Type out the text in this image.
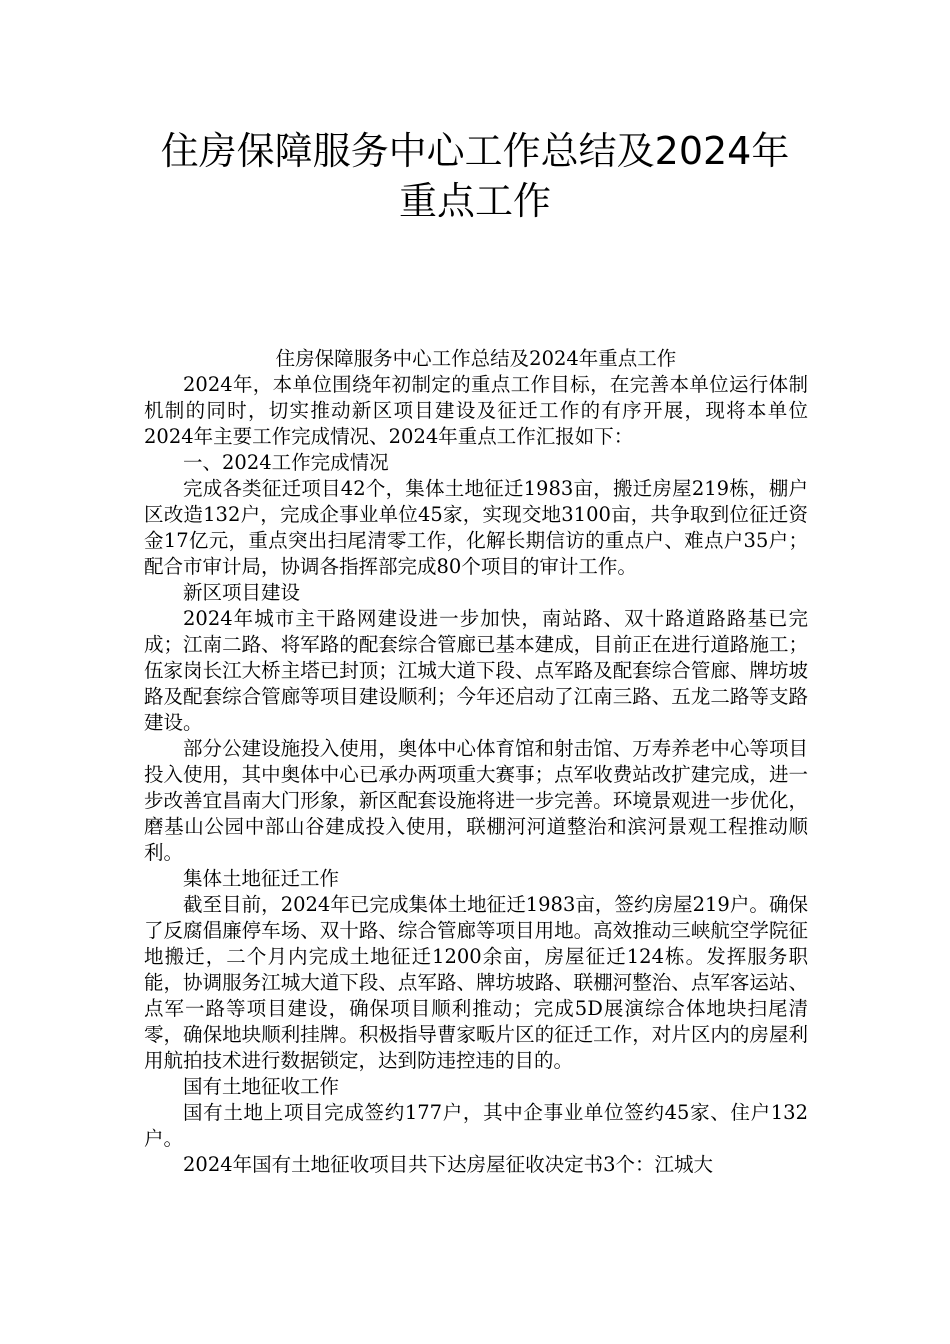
住房保障服务中心工作总结及2024年
重点工作

住房保障服务中心工作总结及2024年重点工作

2024年，本单位围绕年初制定的重点工作目标，在完善本单位运行体制机制的同时，切实推动新区项目建设及征迁工作的有序开展，现将本单位2024年主要工作完成情况、2024年重点工作汇报如下：

一、2024工作完成情况

完成各类征迁项目42个，集体土地征迁1983亩，搬迁房屋219栋，棚户区改造132户，完成企事业单位45家，实现交地3100亩，共争取到位征迁资金17亿元，重点突出扫尾清零工作，化解长期信访的重点户、难点户35户；配合市审计局，协调各指挥部完成80个项目的审计工作。

新区项目建设

2024年城市主干路网建设进一步加快，南站路、双十路道路路基已完成；江南二路、将军路的配套综合管廊已基本建成，目前正在进行道路施工；伍家岗长江大桥主塔已封顶；江城大道下段、点军路及配套综合管廊、牌坊坡路及配套综合管廊等项目建设顺利；今年还启动了江南三路、五龙二路等支路建设。

部分公建设施投入使用，奥体中心体育馆和射击馆、万寿养老中心等项目投入使用，其中奥体中心已承办两项重大赛事；点军收费站改扩建完成，进一步改善宜昌南大门形象，新区配套设施将进一步完善。环境景观进一步优化，磨基山公园中部山谷建成投入使用，联棚河河道整治和滨河景观工程推动顺利。

集体土地征迁工作

截至目前，2024年已完成集体土地征迁1983亩，签约房屋219户。确保了反腐倡廉停车场、双十路、综合管廊等项目用地。高效推动三峡航空学院征地搬迁，二个月内完成土地征迁1200余亩，房屋征迁124栋。发挥服务职能，协调服务江城大道下段、点军路、牌坊坡路、联棚河整治、点军客运站、点军一路等项目建设，确保项目顺利推动；完成5D展演综合体地块扫尾清零，确保地块顺利挂牌。积极指导曹家畈片区的征迁工作，对片区内的房屋利用航拍技术进行数据锁定，达到防违控违的目的。

国有土地征收工作

国有土地上项目完成签约177户，其中企事业单位签约45家、住户132户。

2024年国有土地征收项目共下达房屋征收决定书3个：江城大
